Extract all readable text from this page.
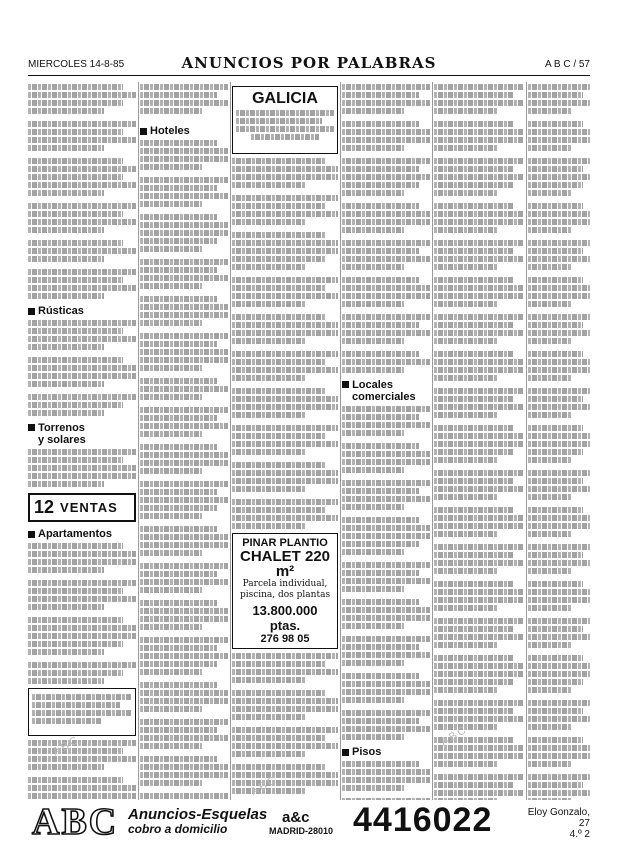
MIERCOLES 14-8-85	ANUNCIOS POR PALABRAS	A B C / 57
Rústicas
Torrenos
y solares
12 VENTAS
Apartamentos
Hoteles
GALICIA
PINAR PLANTIO
CHALET 220 m²
Parcela individual, piscina, dos plantas
13.800.000 ptas.
276 98 05
Locales
comerciales
Pisos
ABC
ABC
ABC
ABC Anuncios-Esquelas
cobro a domicilio	MADRID-28010
a&c 4416022	Eloy Gonzalo, 27
4.º 2
